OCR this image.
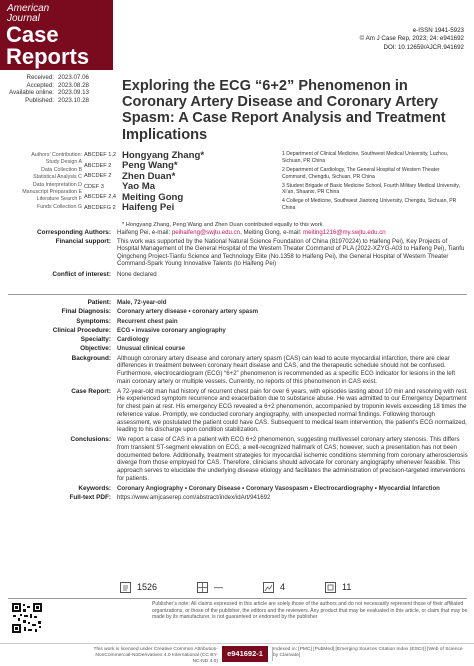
American
Journal
Case
Reports
e-ISSN 1941-5923
© Am J Case Rep, 2023; 24: e941692
DOI: 10.12659/AJCR.941692
Received: 2023.07.06
Accepted: 2023.08.28
Available online: 2023.09.13
Published: 2023.10.28
Exploring the ECG “6+2” Phenomenon in Coronary Artery Disease and Coronary Artery Spasm: A Case Report Analysis and Treatment Implications
Authors’ Contribution:
Study Design A
Data Collection B
Statistical Analysis C
Data Interpretation D
Manuscript Preparation E
Literature Search F
Funds Collection G
ABCDEF 1,2 Hongyang Zhang*
ABCDEF 2	Peng Wang*
ABCDEF 2	Zhen Duan*
CDEF 3	Yao Ma
ABCDEF 2,4 Meiting Gong
ABCDEFG 2 Haifeng Pei

1 Department of Clinical Medicine, Southwest Medical University, Luzhou, Sichuan, PR China

2 Department of Cardiology, The General Hospital of Western Theater Command, Chengdu, Sichuan, PR China

3 Student Brigade of Basic Medicine School, Fourth Military Medical University, Xi’an, Shaanxi, PR China

4 College of Medicine, Southwest Jiaotong University, Chengdu, Sichuan, PR China

* Hongyang Zhang, Peng Wang and Zhen Duan contributed equally to this work
Corresponding Authors: Haifeng Pei, e-mail: peihaifeng@swjtu.edu.cn, Meiting Gong, e-mail: meiting1216@my.swjtu.edu.cn
Financial support: This work was supported by the National Natural Science Foundation of China (81970224) to Haifeng Pei), Key Projects of Hospital Management of the General Hospital of the Western Theater Command of PLA (2022-XZYG-A03 to Haifeng Pei), Tianfu Qingcheng Project-Tianfu Science and Technology Elite (No.1358 to Haifeng Pei), the General Hospital of Western Theater Command-Spark Young Innovative Talents (to Haifeng Pei)
Conflict of interest: None declared
Patient: Male, 72-year-old
Final Diagnosis: Coronary artery disease • coronary artery spasm
Symptoms: Recurrent chest pain
Clinical Procedure: ECG • invasive coronary angiography
Specialty: Cardiology
Objective: Unusual clinical course
Background: Although coronary artery disease and coronary artery spasm (CAS) can lead to acute myocardial infarction, there are clear differences in treatment between coronary heart disease and CAS, and the therapeutic schedule should not be confused. Furthermore, electrocardiogram (ECG) “6+2” phenomenon is recommended as a specific ECG indicator for lesions in the left main coronary artery or multiple vessels. Currently, no reports of this phenomenon in CAS exist.
Case Report: A 72-year-old man had history of recurrent chest pain for over 6 years, with episodes lasting about 10 min and resolving with rest. He experienced symptom recurrence and exacerbation due to substance abuse. He was admitted to our Emergency Department for chest pain at rest. His emergency ECG revealed a 6+2 phenomenon, accompanied by troponin levels exceeding 18 times the reference value. Promptly, we conducted coronary angiography, with unexpected normal findings. Following thorough assessment, we postulated the patient could have CAS. Subsequent to medical team intervention, the patient’s ECG normalized, leading to his discharge upon condition stabilization.
Conclusions: We report a case of CAS in a patient with ECG 6+2 phenomenon, suggesting multivessel coronary artery stenosis. This differs from transient ST-segment elevation on ECG, a well-recognized hallmark of CAS; however, such a presentation has not been documented before. Additionally, treatment strategies for myocardial ischemic conditions stemming from coronary atherosclerosis diverge from those employed for CAS. Therefore, clinicians should advocate for coronary angiography whenever feasible. This approach serves to elucidate the underlying disease etiology and facilitates the administration of precision-targeted interventions for patients.
Keywords: Coronary Angiography • Coronary Disease • Coronary Vasospasm • Electrocardiography • Myocardial Infarction
Full-text PDF: https://www.amjcaserep.com/abstract/index/idArt/941692
1526	—	4	11
Publisher’s note: All claims expressed in this article are solely those of the authors and do not necessarily represent those of their affiliated organizations, or those of the publisher, the editors and the reviewers. Any product that may be evaluated in this article, or claim that may be made by its manufacturer, is not guaranteed or endorsed by the publisher
This work is licensed under Creative Common Attribution-NonCommercial-NoDerivatives 4.0 International (CC BY-NC-ND 4.0)
e941692-1	Indexed in: [PMC] [PubMed] [Emerging Sources Citation Index (ESCI)] [Web of Science by Clarivate]
